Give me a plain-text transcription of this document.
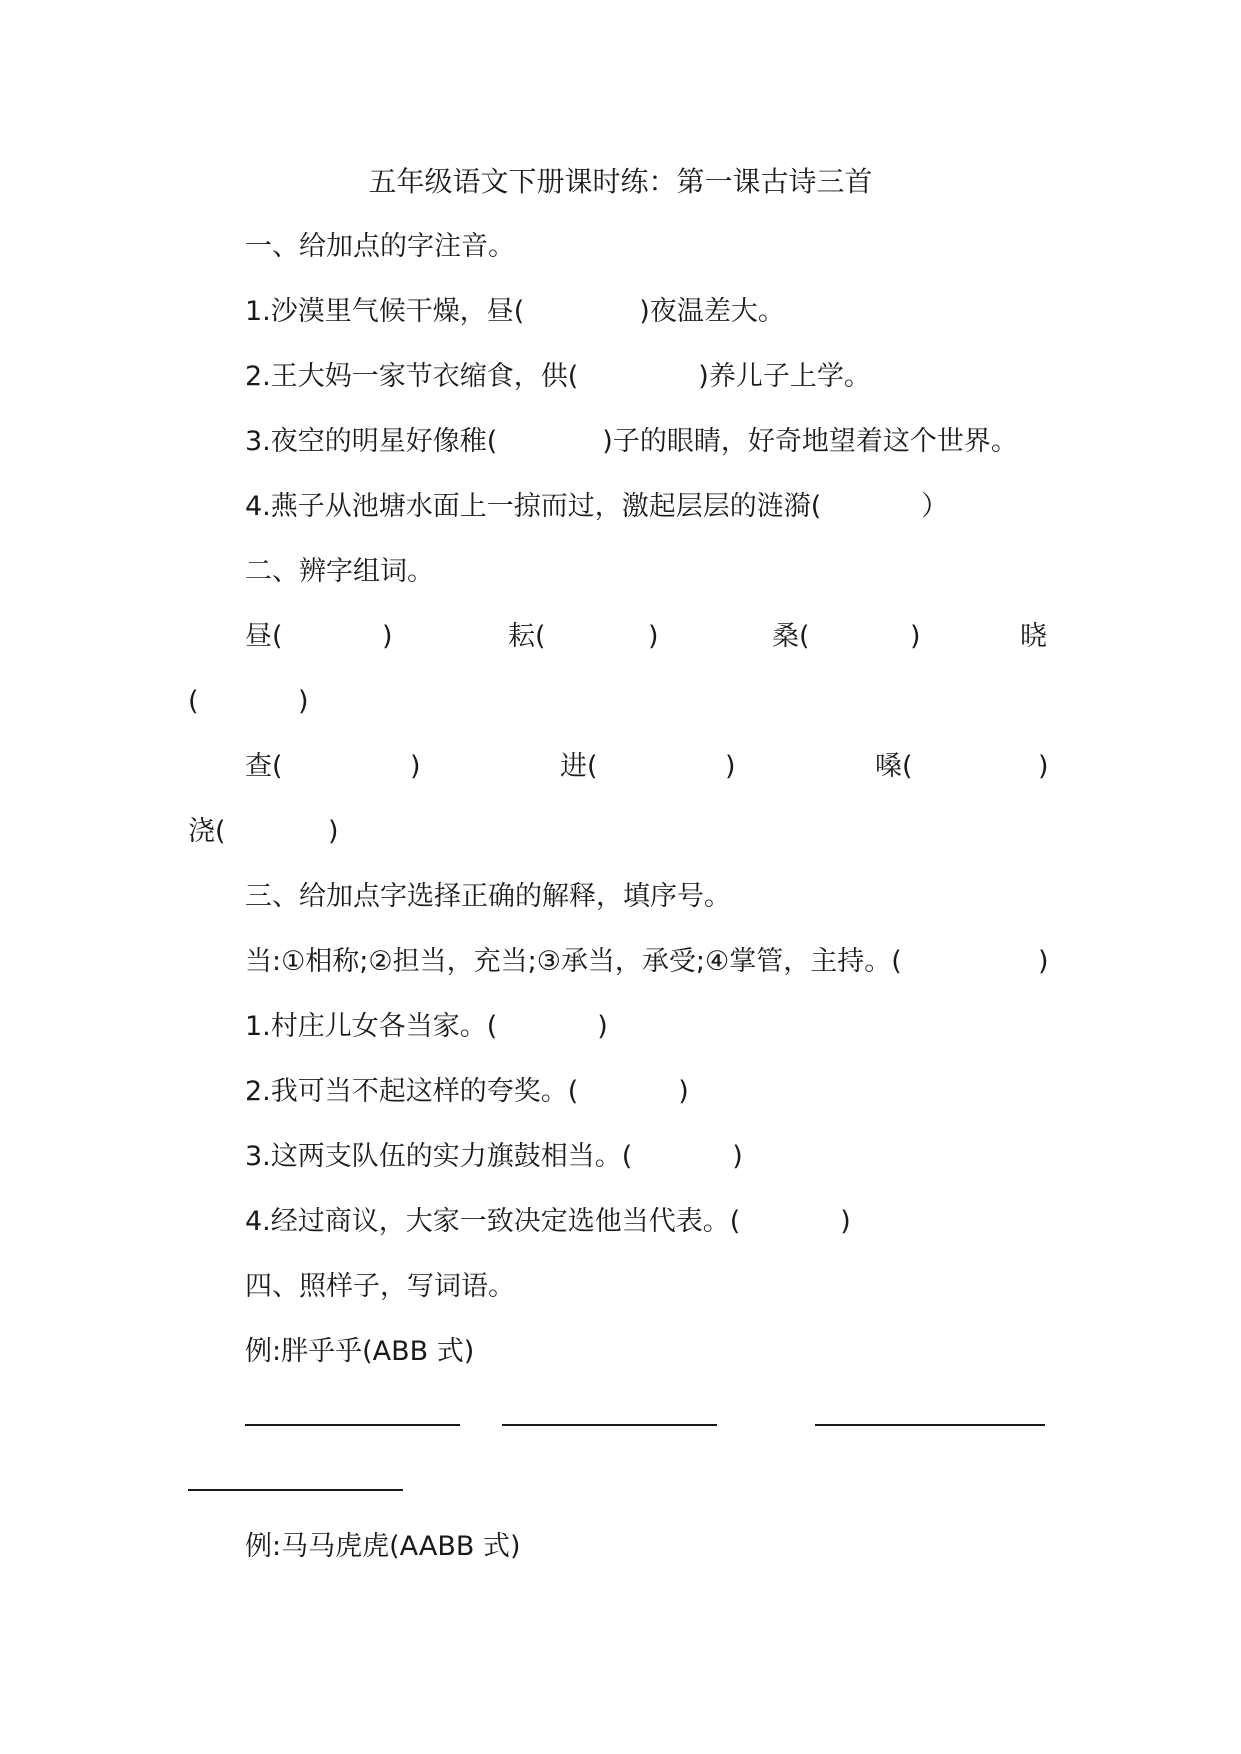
五年级语文下册课时练：第一课古诗三首
一、给加点的字注音。
1.沙漠里气候干燥，昼(	)夜温差大。
2.王大妈一家节衣缩食，供(	)养儿子上学。
3.夜空的明星好像稚(	)子的眼睛，好奇地望着这个世界。
4.燕子从池塘水面上一掠而过，激起层层的涟漪(	）
二、辨字组词。
昼(	)	耘(	)	桑(	)	晓
(	)
查(	)	进(	)	嗓(	)
浇(	)
三、给加点字选择正确的解释，填序号。
当:①相称;②担当，充当;③承当，承受;④掌管，主持。(	)
1.村庄儿女各当家。(	)
2.我可当不起这样的夸奖。(	)
3.这两支队伍的实力旗鼓相当。(	)
4.经过商议，大家一致决定选他当代表。(	)
四、照样子，写词语。
例:胖乎乎(ABB 式)
例:马马虎虎(AABB 式)
